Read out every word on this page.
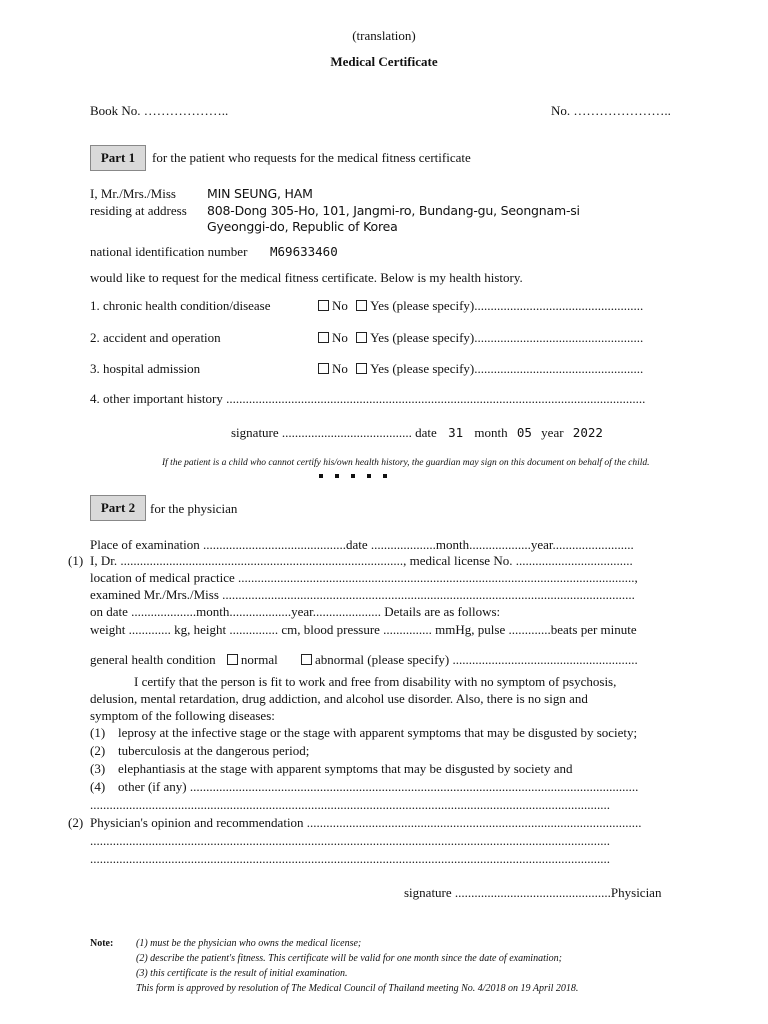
(translation)
Medical Certificate
Book No. ………………..	No. …………………..
Part 1	for the patient who requests for the medical fitness certificate
I, Mr./Mrs./Miss MIN SEUNG, HAM
residing at address 808-Dong 305-Ho, 101, Jangmi-ro, Bundang-gu, Seongnam-si
Gyeonggi-do, Republic of Korea
national identification number M69633460
would like to request for the medical fitness certificate. Below is my health history.
1. chronic health condition/disease	No Yes (please specify)....................................................
2. accident and operation	No Yes (please specify)....................................................
3. hospital admission	No Yes (please specify)....................................................
4. other important history .................................................................................................................................
signature ........................................ date 31 month 05 year 2022
If the patient is a child who cannot certify his/own health history, the guardian may sign on this document on behalf of the child.
Part 2	for the physician
Place of examination ............................................date ....................month...................year.........................
(1) I, Dr. ......................................................................................., medical license No. ....................................
location of medical practice ..........................................................................................................................,
examined Mr./Mrs./Miss ...............................................................................................................................
on date ....................month...................year..................... Details are as follows:
weight ............. kg, height ............... cm, blood pressure ............... mmHg, pulse .............beats per minute
general health condition normal	abnormal (please specify) .........................................................
I certify that the person is fit to work and free from disability with no symptom of psychosis,
delusion, mental retardation, drug addiction, and alcohol use disorder. Also, there is no sign and
symptom of the following diseases:
(1) leprosy at the infective stage or the stage with apparent symptoms that may be disgusted by society;
(2) tuberculosis at the dangerous period;
(3) elephantiasis at the stage with apparent symptoms that may be disgusted by society and
(4) other (if any) ..........................................................................................................................................
................................................................................................................................................................
(2) Physician's opinion and recommendation .......................................................................................................
................................................................................................................................................................
................................................................................................................................................................
signature ................................................Physician
Note: (1) must be the physician who owns the medical license;
(2) describe the patient's fitness. This certificate will be valid for one month since the date of examination;
(3) this certificate is the result of initial examination.
This form is approved by resolution of The Medical Council of Thailand meeting No. 4/2018 on 19 April 2018.
